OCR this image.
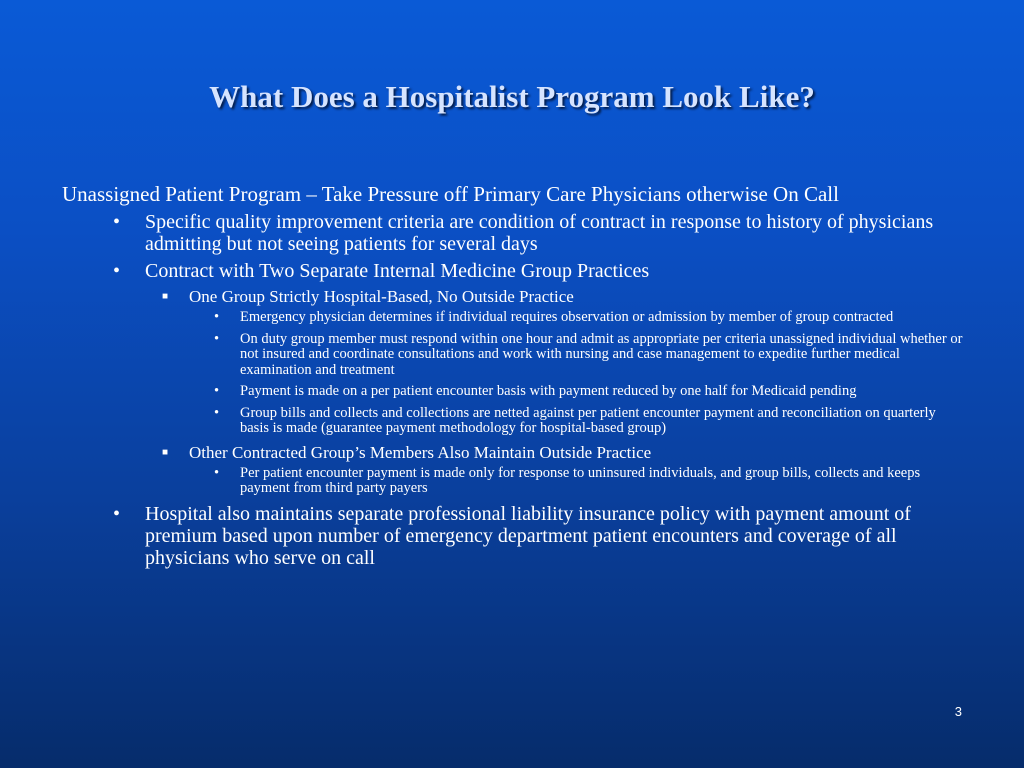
What Does a Hospitalist Program Look Like?
Unassigned Patient Program – Take Pressure off Primary Care Physicians otherwise On Call
•	Specific quality improvement criteria are condition of contract in response to history of physicians admitting but not seeing patients for several days
•	Contract with Two Separate Internal Medicine Group Practices
■	One Group Strictly Hospital-Based, No Outside Practice
•	Emergency physician determines if individual requires observation or admission by member of group contracted
•	On duty group member must respond within one hour and admit as appropriate per criteria unassigned individual whether or not insured and coordinate consultations and work with nursing and case management to expedite further medical examination and treatment
•	Payment is made on a per patient encounter basis with payment reduced by one half for Medicaid pending
•	Group bills and collects and collections are netted against per patient encounter payment and reconciliation on quarterly basis is made (guarantee payment methodology for hospital-based group)
■	Other Contracted Group’s Members Also Maintain Outside Practice
•	Per patient encounter payment is made only for response to uninsured individuals, and group bills, collects and keeps payment from third party payers
•	Hospital also maintains separate professional liability insurance policy with payment amount of premium based upon number of emergency department patient encounters and coverage of all physicians who serve on call
3
